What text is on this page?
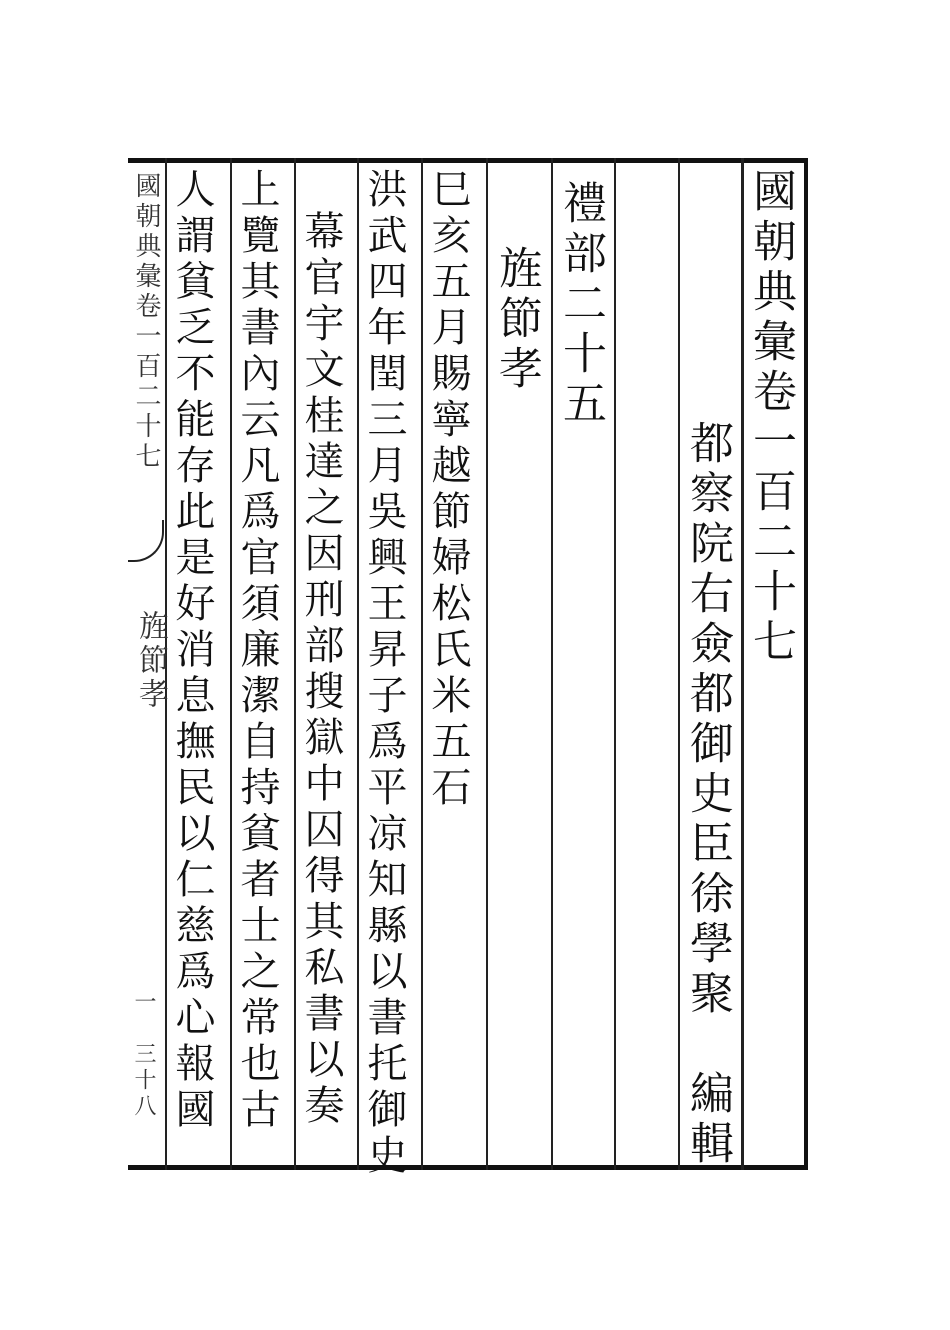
國朝典彙卷一百二十七
都察院右僉都御史臣徐學聚　編輯
禮部二十五
旌節孝
巳亥五月賜寧越節婦松氏米五石
洪武四年閏三月吳興王昇子爲平凉知縣以書托御史
幕官宇文桂達之因刑部搜獄中囚得其私書以奏
上覽其書內云凡爲官須廉潔自持貧者士之常也古
人謂貧乏不能存此是好消息撫民以仁慈爲心報國
國朝典彙卷一百二十七
旌節孝
一　三十八
